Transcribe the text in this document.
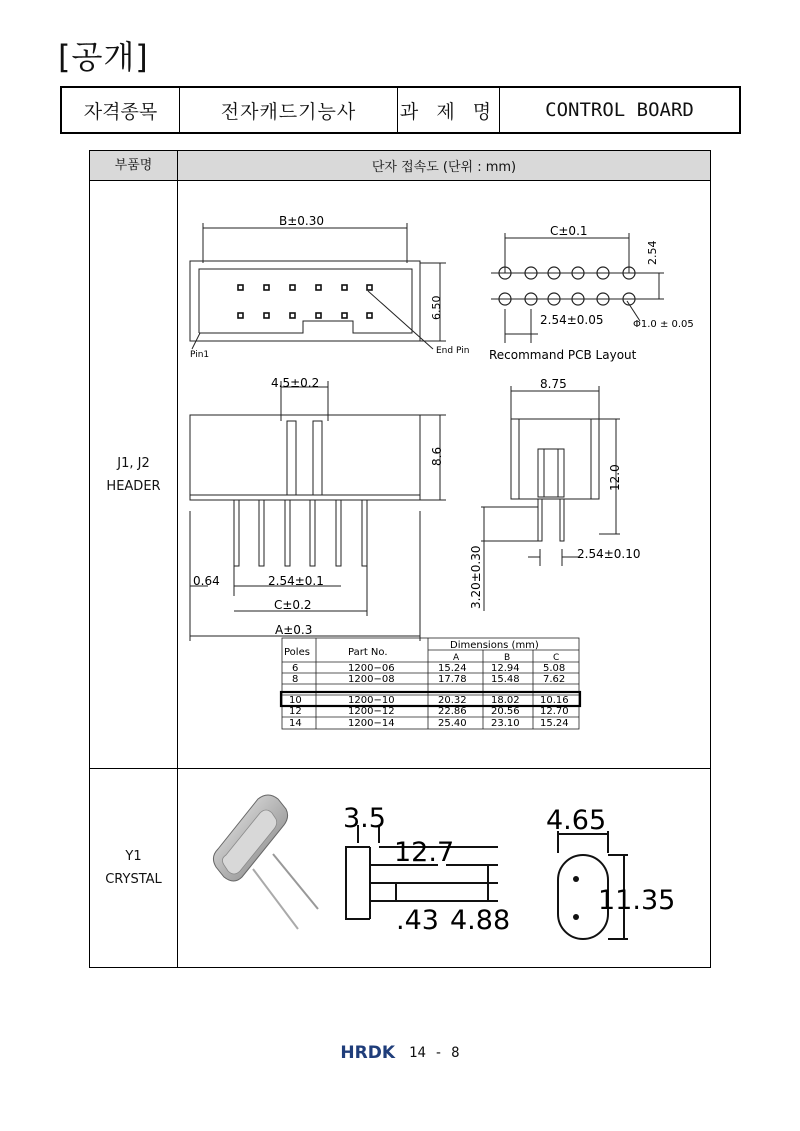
[공개]
자격종목	전자캐드기능사	과 제 명	CONTROL BOARD
부품명	단자 접속도 (단위 : mm)
J1, J2
HEADER
B±0.30
6.50
Pin1	End Pin
C±0.1
2.54
2.54±0.05	Φ1.0 ± 0.05
Recommand PCB Layout
4.5±0.2
8.6
0.64	2.54±0.1
C±0.2
A±0.3
8.75
12.0
3.20±0.30	2.54±0.10
Poles	Part No.
Dimensions (mm)
A	B	C
6	1200−06	15.24 12.94 5.08
8	1200−08	17.78 15.48 7.62
10	1200−10	20.32 18.02 10.16
12	1200−12	22.86 20.56 12.70
14	1200−14	25.40 23.10 15.24
Y1
CRYSTAL
3.5
12.7
.43 4.88
4.65
11.35
HRDK 14 - 8
